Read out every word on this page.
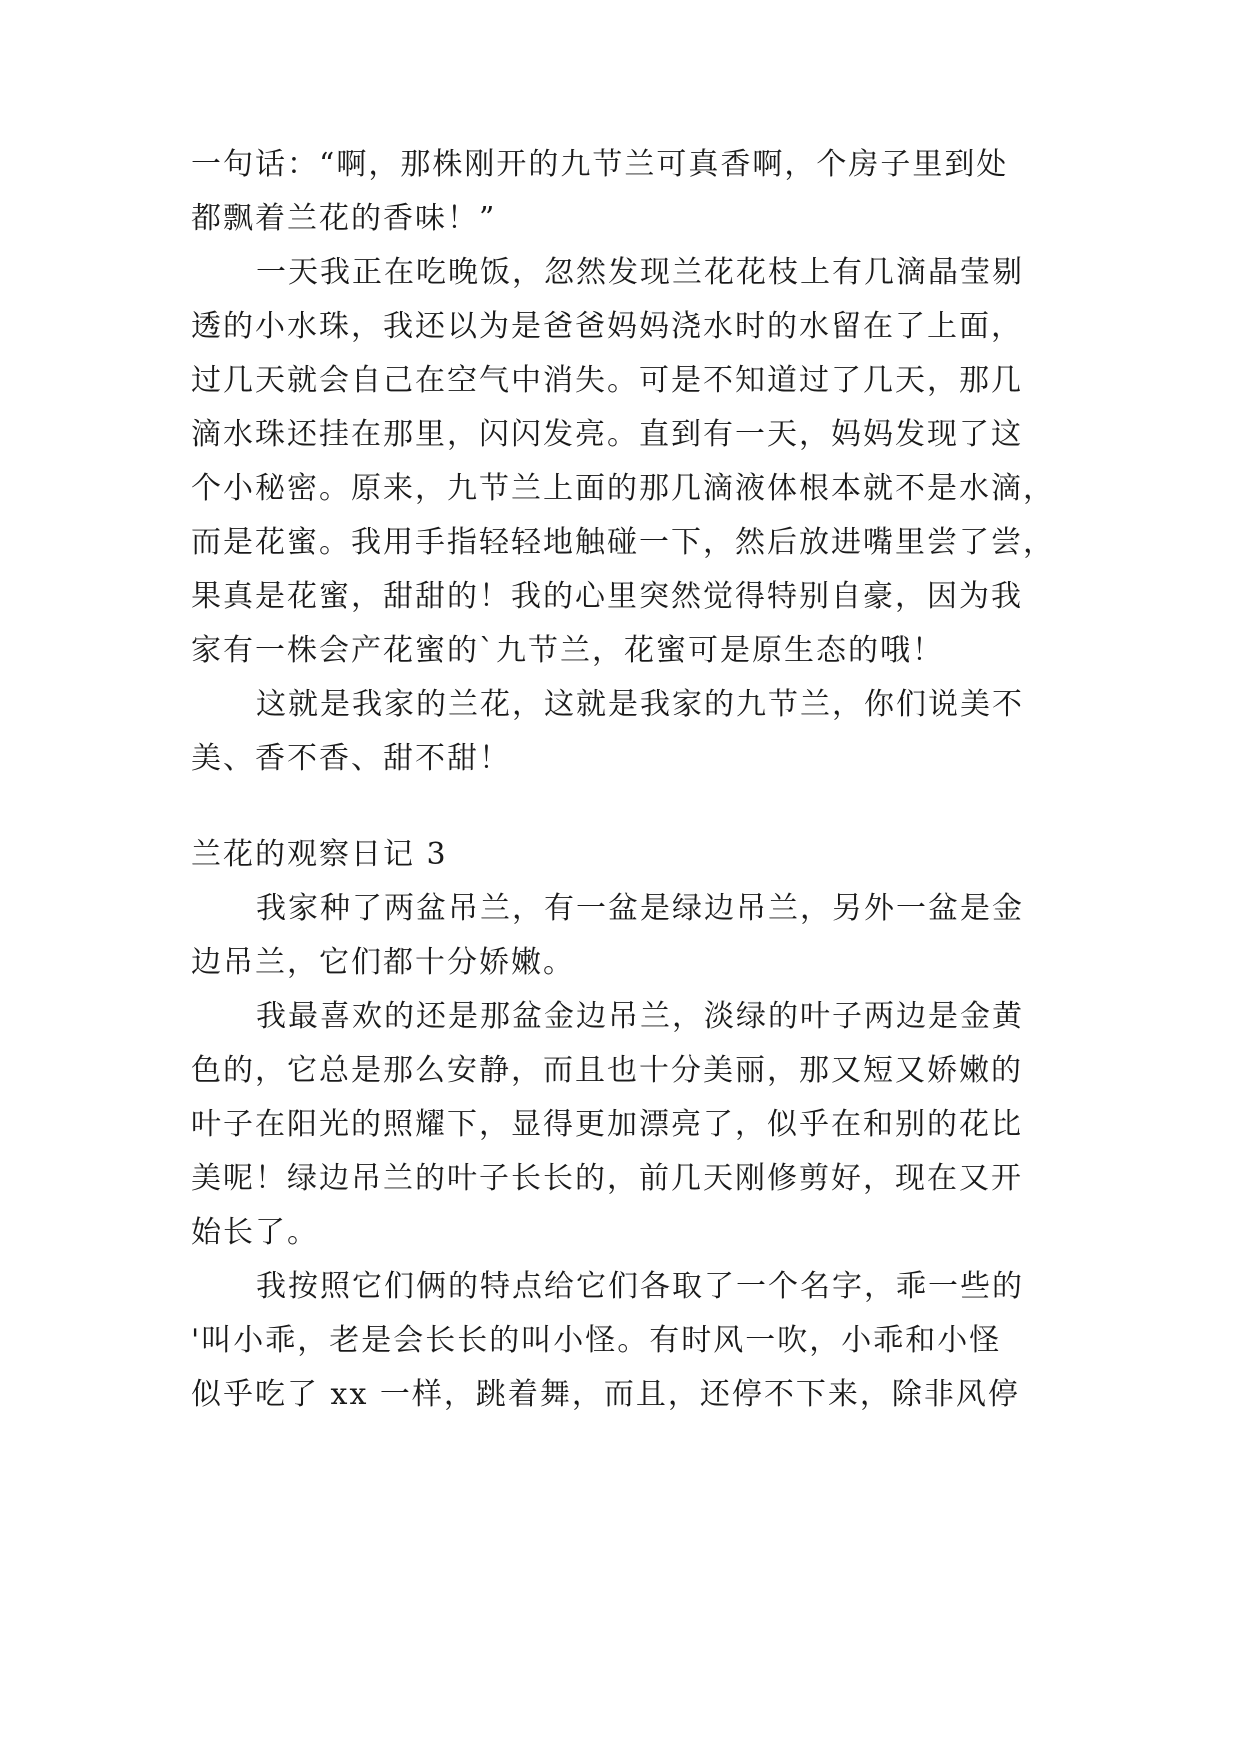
一句话：“啊，那株刚开的九节兰可真香啊，个房子里到处
都飘着兰花的香味！”
一天我正在吃晚饭，忽然发现兰花花枝上有几滴晶莹剔
透的小水珠，我还以为是爸爸妈妈浇水时的水留在了上面，
过几天就会自己在空气中消失。可是不知道过了几天，那几
滴水珠还挂在那里，闪闪发亮。直到有一天，妈妈发现了这
个小秘密。原来，九节兰上面的那几滴液体根本就不是水滴，
而是花蜜。我用手指轻轻地触碰一下，然后放进嘴里尝了尝，
果真是花蜜，甜甜的！我的心里突然觉得特别自豪，因为我
家有一株会产花蜜的`九节兰，花蜜可是原生态的哦！
这就是我家的兰花，这就是我家的九节兰，你们说美不
美、香不香、甜不甜！
兰花的观察日记 3
我家种了两盆吊兰，有一盆是绿边吊兰，另外一盆是金
边吊兰，它们都十分娇嫩。
我最喜欢的还是那盆金边吊兰，淡绿的叶子两边是金黄
色的，它总是那么安静，而且也十分美丽，那又短又娇嫩的
叶子在阳光的照耀下，显得更加漂亮了，似乎在和别的花比
美呢！绿边吊兰的叶子长长的，前几天刚修剪好，现在又开
始长了。
我按照它们俩的特点给它们各取了一个名字，乖一些的
'叫小乖，老是会长长的叫小怪。有时风一吹，小乖和小怪
似乎吃了 xx 一样，跳着舞，而且，还停不下来，除非风停
